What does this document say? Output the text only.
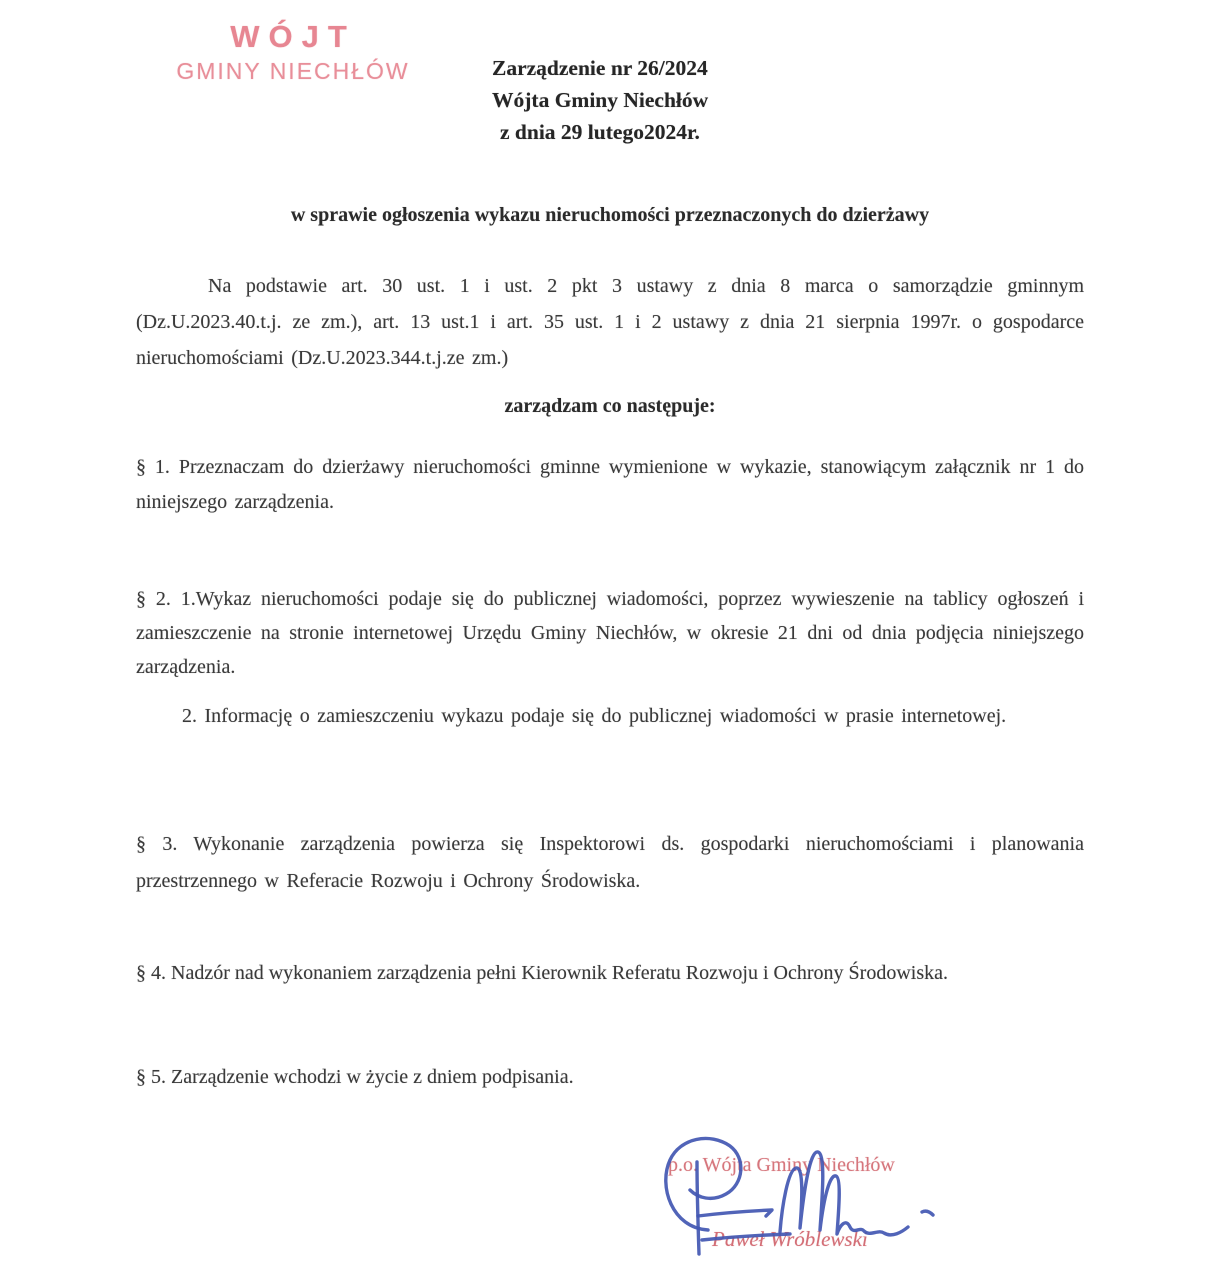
WÓJT
GMINY NIECHŁÓW	Zarządzenie nr 26/2024
Wójta Gminy Niechłów
z dnia 29 lutego2024r.
w sprawie ogłoszenia wykazu nieruchomości przeznaczonych do dzierżawy
Na podstawie art. 30 ust. 1 i ust. 2 pkt 3 ustawy z dnia 8 marca o samorządzie gminnym (Dz.U.2023.40.t.j. ze zm.), art. 13 ust.1 i art. 35 ust. 1 i 2 ustawy z dnia 21 sierpnia 1997r. o gospodarce nieruchomościami (Dz.U.2023.344.t.j.ze zm.)
zarządzam co następuje:
§ 1. Przeznaczam do dzierżawy nieruchomości gminne wymienione w wykazie, stanowiącym załącznik nr 1 do niniejszego zarządzenia.
§ 2. 1.Wykaz nieruchomości podaje się do publicznej wiadomości, poprzez wywieszenie na tablicy ogłoszeń i zamieszczenie na stronie internetowej Urzędu Gminy Niechłów, w okresie 21 dni od dnia podjęcia niniejszego zarządzenia.
2. Informację o zamieszczeniu wykazu podaje się do publicznej wiadomości w prasie internetowej.
§ 3. Wykonanie zarządzenia powierza się Inspektorowi ds. gospodarki nieruchomościami i planowania przestrzennego w Referacie Rozwoju i Ochrony Środowiska.
§ 4. Nadzór nad wykonaniem zarządzenia pełni Kierownik Referatu Rozwoju i Ochrony Środowiska.
§ 5. Zarządzenie wchodzi w życie z dniem podpisania.
p.o. Wójta Gminy Niechłów
Paweł Wróblewski
